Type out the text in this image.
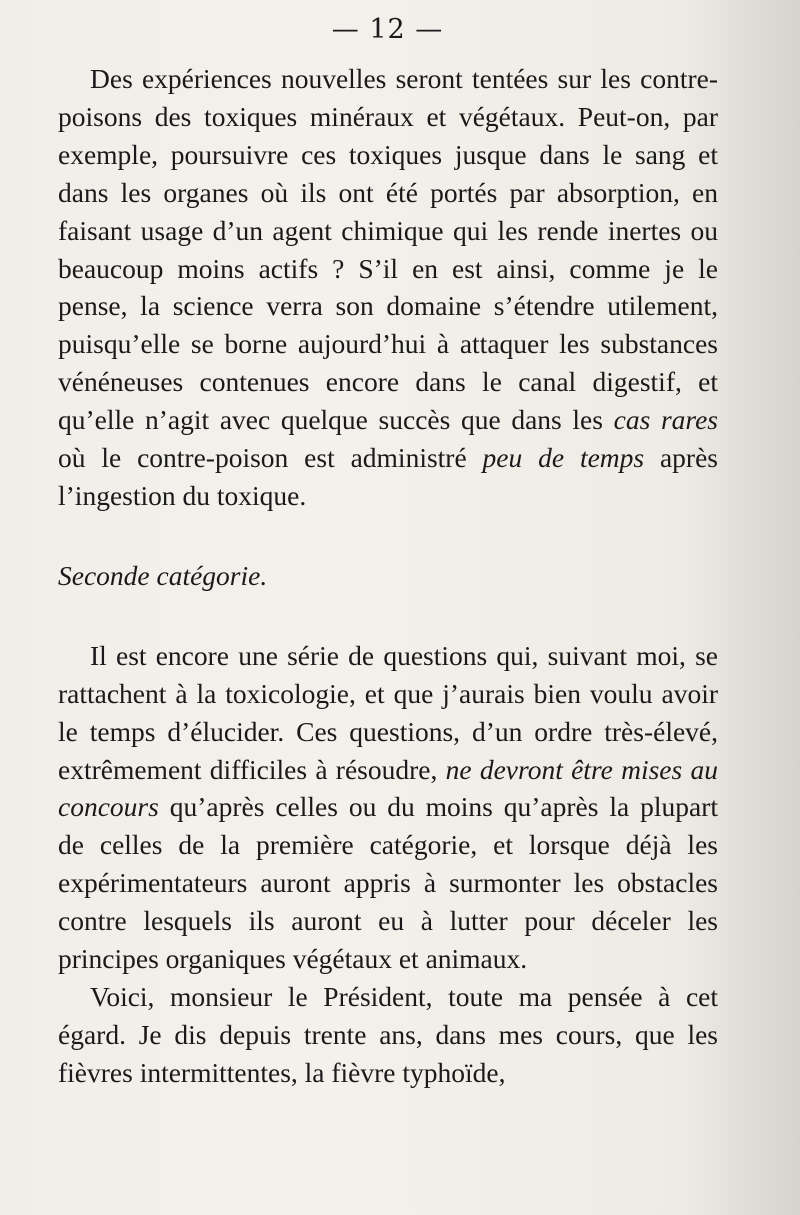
— 12 —

Des expériences nouvelles seront tentées sur les contre-poisons des toxiques minéraux et végétaux. Peut-on, par exemple, poursuivre ces toxiques jusque dans le sang et dans les organes où ils ont été portés par absorption, en faisant usage d’un agent chimique qui les rende inertes ou beaucoup moins actifs ? S’il en est ainsi, comme je le pense, la science verra son domaine s’étendre utilement, puisqu’elle se borne aujourd’hui à attaquer les substances vénéneuses contenues encore dans le canal digestif, et qu’elle n’agit avec quelque succès que dans les cas rares où le contre-poison est administré peu de temps après l’ingestion du toxique.

Seconde catégorie.

Il est encore une série de questions qui, suivant moi, se rattachent à la toxicologie, et que j’aurais bien voulu avoir le temps d’élucider. Ces questions, d’un ordre très-élevé, extrêmement difficiles à résoudre, ne devront être mises au concours qu’après celles ou du moins qu’après la plupart de celles de la première catégorie, et lorsque déjà les expérimentateurs auront appris à surmonter les obstacles contre lesquels ils auront eu à lutter pour déceler les principes organiques végétaux et animaux.

Voici, monsieur le Président, toute ma pensée à cet égard. Je dis depuis trente ans, dans mes cours, que les fièvres intermittentes, la fièvre typhoïde,
